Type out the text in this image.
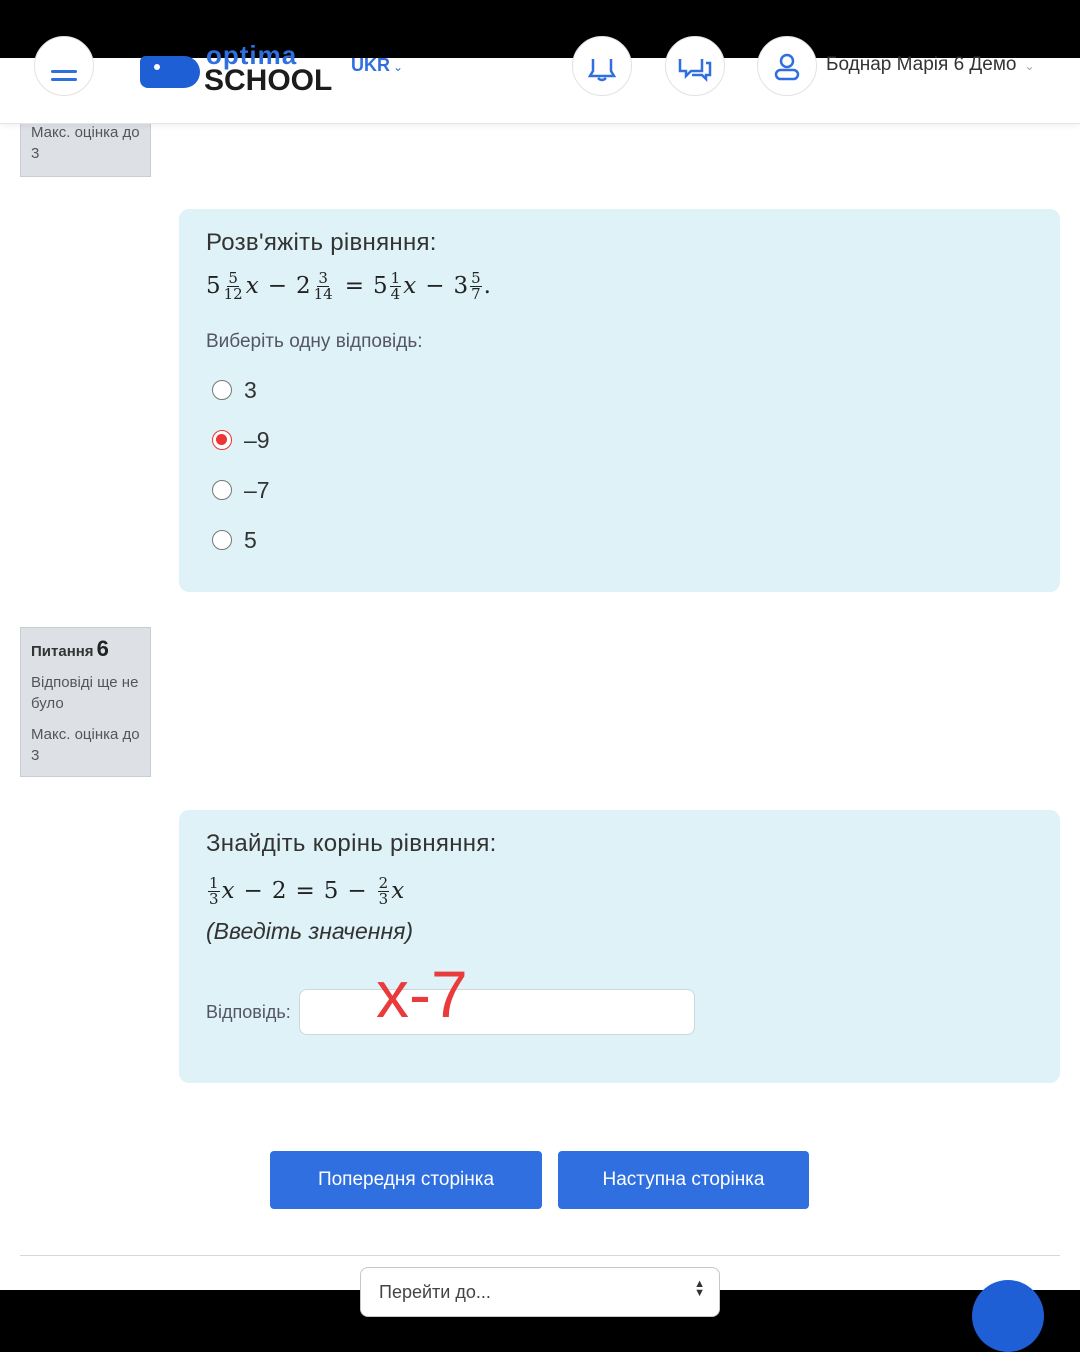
optima
SCHOOL UKR ⌄	Боднар Марія 6 Демо ⌄
Макс. оцінка до 3
Розв'яжіть рівняння:
$5 \frac{5}{12}$ $x - 2 \frac{3}{14} = 5 \frac{1}{4}$ $x - 3 \frac{5}{7}$ .
Виберіть одну відповідь:
3
–9
–7
5
Питання 6
Відповіді ще не було
Макс. оцінка до 3
Знайдіть корінь рівняння:
$\frac{1}{3}$ $x - 2 = 5 - \frac{2}{3}$ x
(Введіть значення)
Відповідь: х-7
Попередня сторінка	Наступна сторінка
Перейти до...	▲
▼
